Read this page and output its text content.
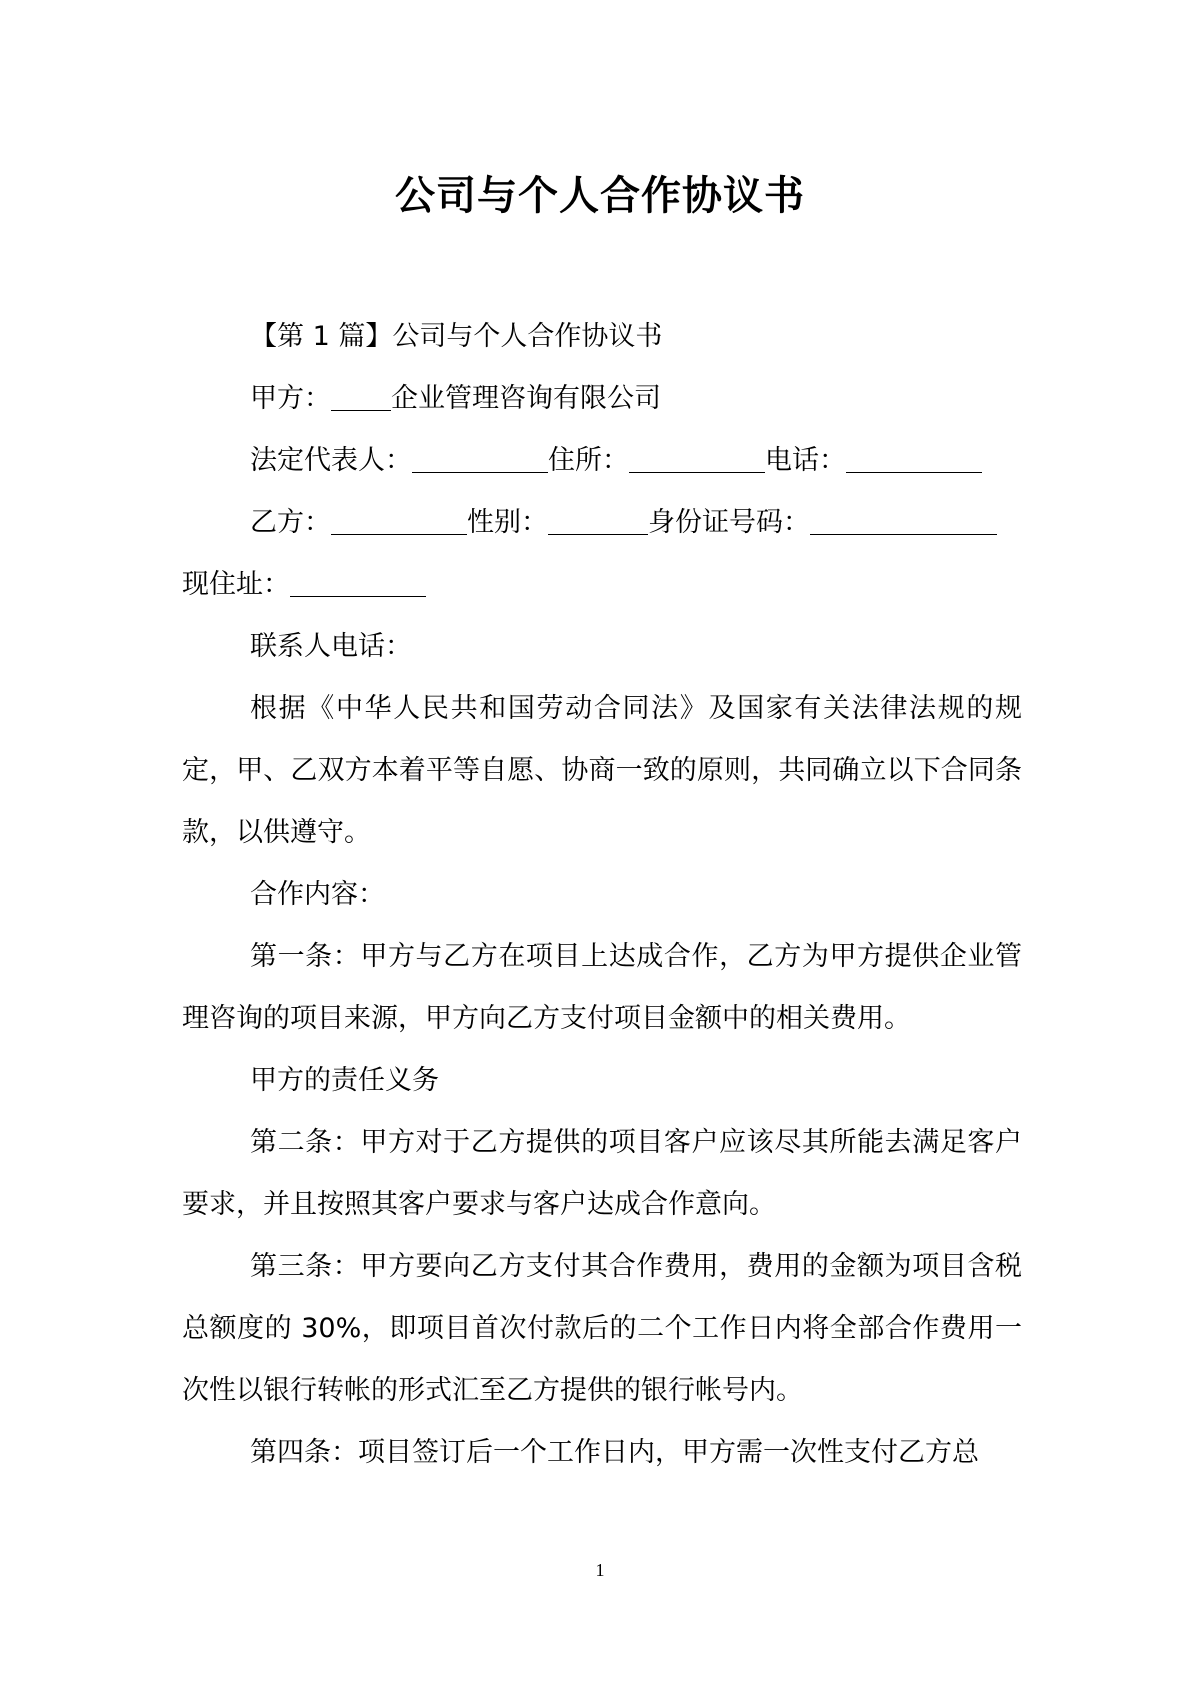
公司与个人合作协议书

【第 1 篇】公司与个人合作协议书

甲方： 企业管理咨询有限公司

法定代表人：	住所：	电话：

乙方：	性别：	身份证号码：

现住址：

联系人电话：

根据《中华人民共和国劳动合同法》及国家有关法律法规的规定，甲、乙双方本着平等自愿、协商一致的原则，共同确立以下合同条款，以供遵守。

合作内容：

第一条：甲方与乙方在项目上达成合作，乙方为甲方提供企业管理咨询的项目来源，甲方向乙方支付项目金额中的相关费用。

甲方的责任义务

第二条：甲方对于乙方提供的项目客户应该尽其所能去满足客户要求，并且按照其客户要求与客户达成合作意向。

第三条：甲方要向乙方支付其合作费用，费用的金额为项目含税总额度的 30%，即项目首次付款后的二个工作日内将全部合作费用一次性以银行转帐的形式汇至乙方提供的银行帐号内。

第四条：项目签订后一个工作日内，甲方需一次性支付乙方总

1
